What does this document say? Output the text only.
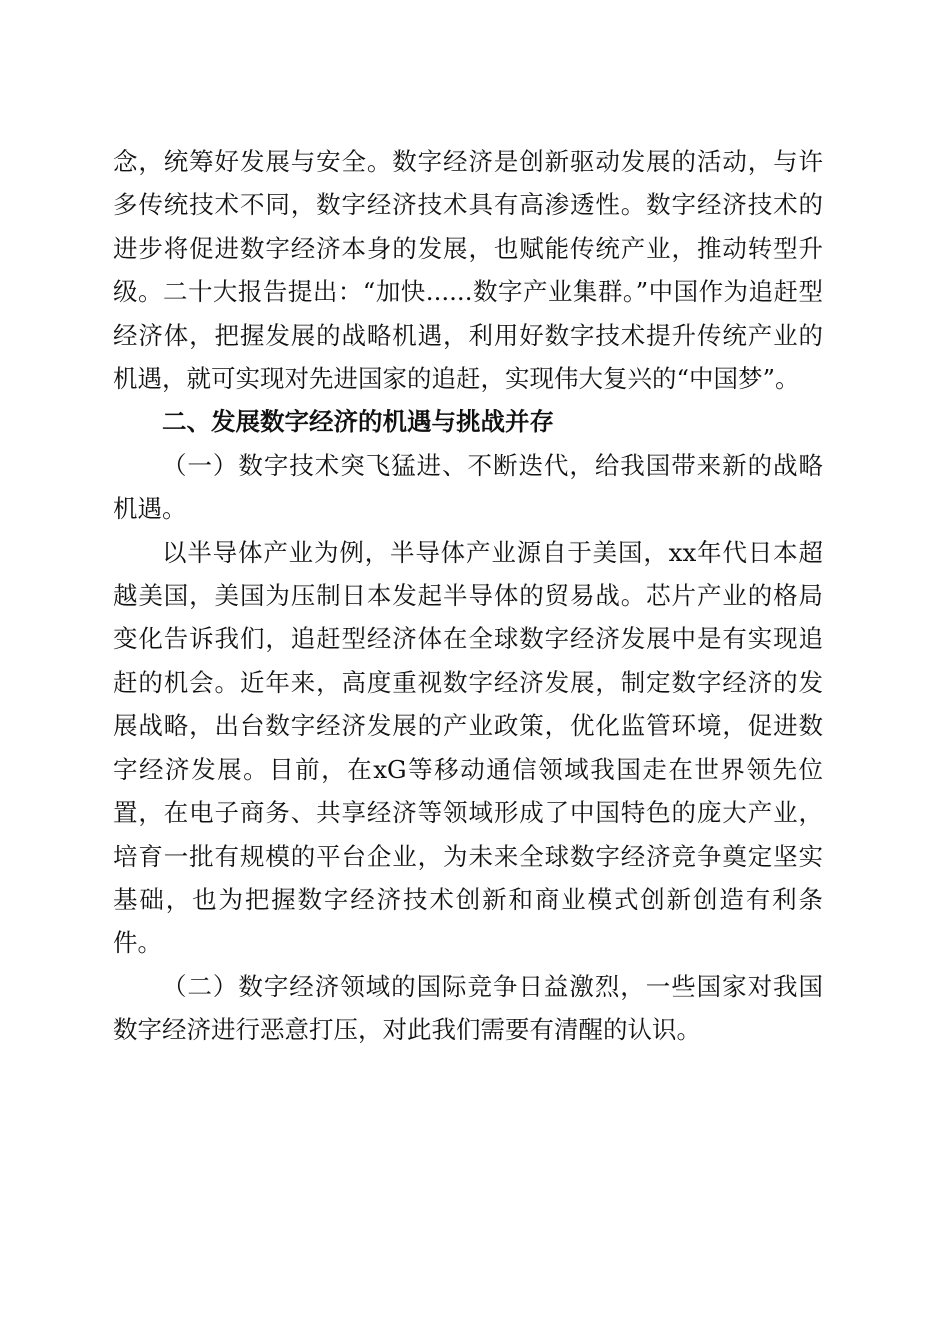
念，统筹好发展与安全。数字经济是创新驱动发展的活动，与许多传统技术不同，数字经济技术具有高渗透性。数字经济技术的进步将促进数字经济本身的发展，也赋能传统产业，推动转型升级。二十大报告提出：“加快......数字产业集群。”中国作为追赶型经济体，把握发展的战略机遇，利用好数字技术提升传统产业的机遇，就可实现对先进国家的追赶，实现伟大复兴的“中国梦”。

二、发展数字经济的机遇与挑战并存

（一）数字技术突飞猛进、不断迭代，给我国带来新的战略机遇。

以半导体产业为例，半导体产业源自于美国，xx年代日本超越美国，美国为压制日本发起半导体的贸易战。芯片产业的格局变化告诉我们，追赶型经济体在全球数字经济发展中是有实现追赶的机会。近年来，高度重视数字经济发展，制定数字经济的发展战略，出台数字经济发展的产业政策，优化监管环境，促进数字经济发展。目前，在xG等移动通信领域我国走在世界领先位置，在电子商务、共享经济等领域形成了中国特色的庞大产业，培育一批有规模的平台企业，为未来全球数字经济竞争奠定坚实基础，也为把握数字经济技术创新和商业模式创新创造有利条件。

（二）数字经济领域的国际竞争日益激烈，一些国家对我国数字经济进行恶意打压，对此我们需要有清醒的认识。
